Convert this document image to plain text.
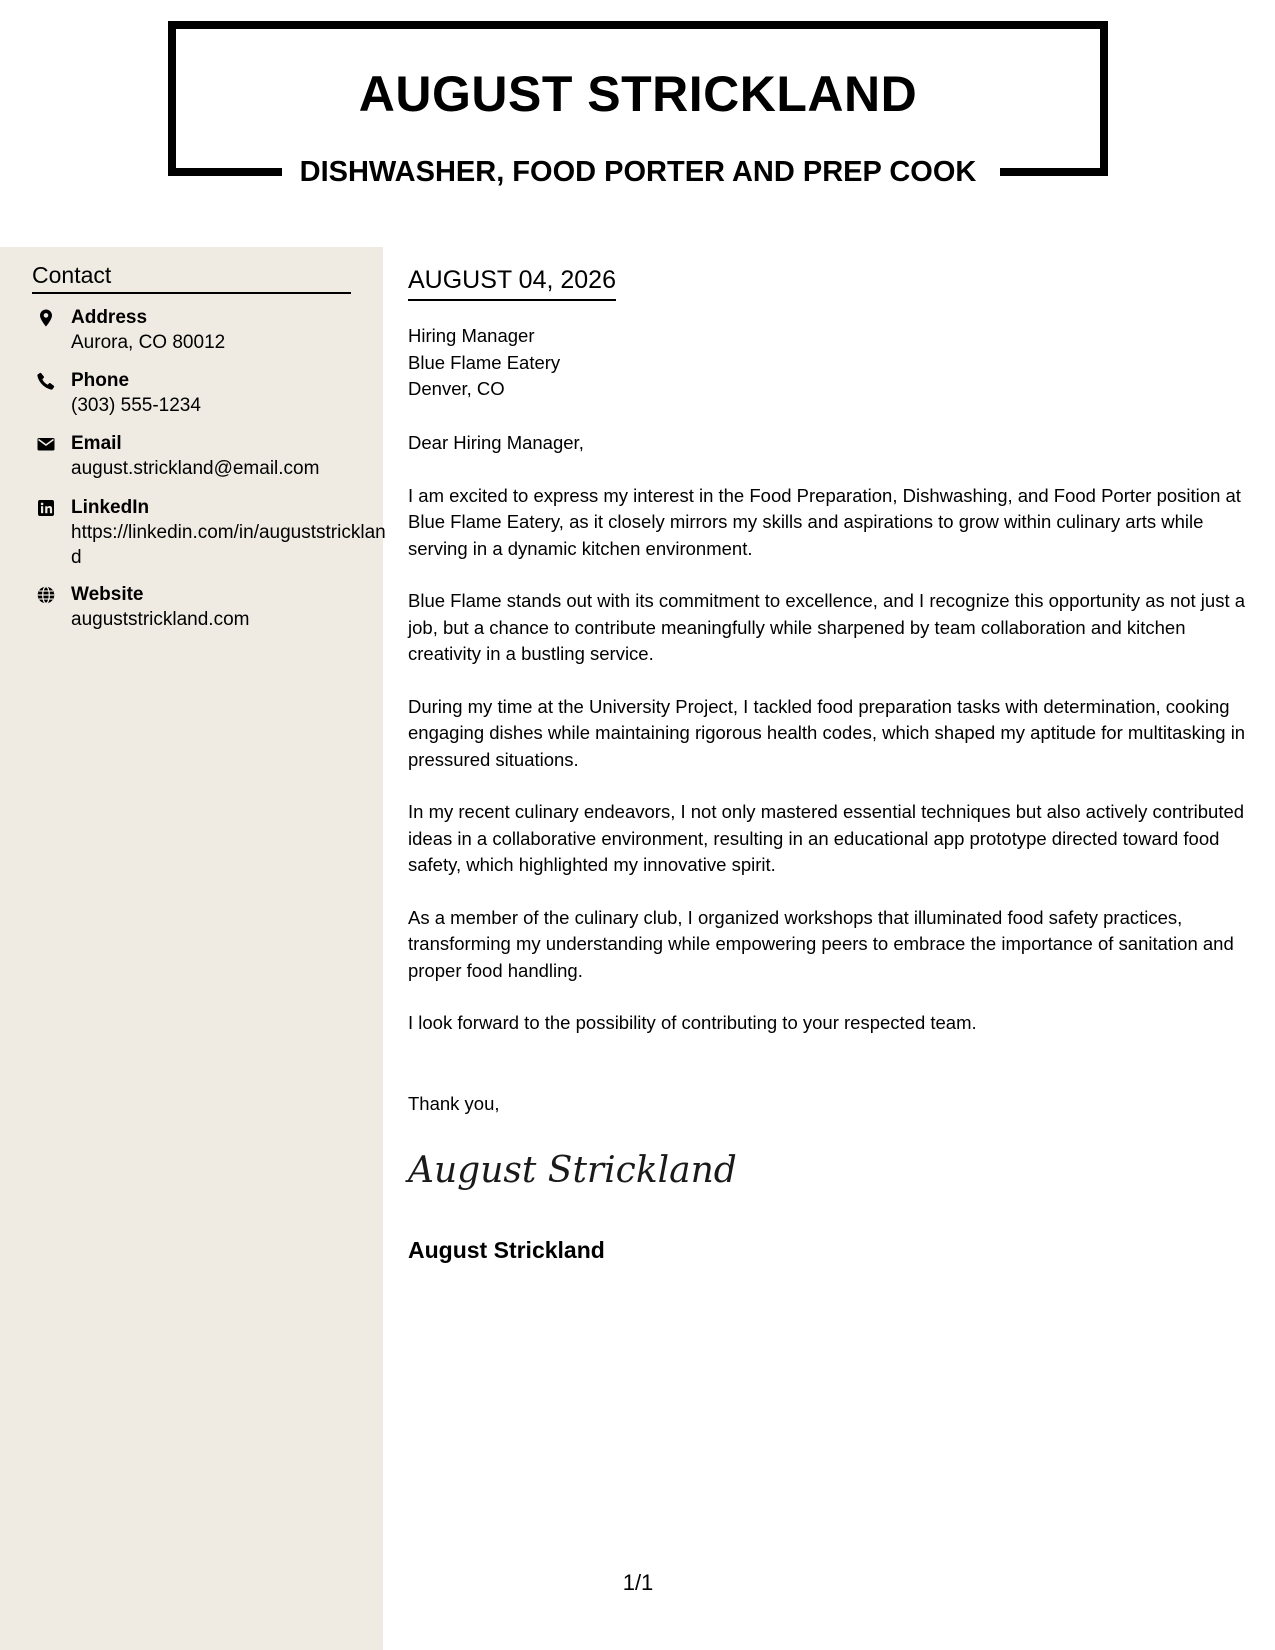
AUGUST STRICKLAND
DISHWASHER, FOOD PORTER AND PREP COOK
Contact
Address
Aurora, CO 80012
Phone
(303) 555-1234
Email
august.strickland@email.com
LinkedIn
https://linkedin.com/in/auguststrickland
Website
auguststrickland.com
AUGUST 04, 2026
Hiring Manager
Blue Flame Eatery
Denver, CO

Dear Hiring Manager,

I am excited to express my interest in the Food Preparation, Dishwashing, and Food Porter position at Blue Flame Eatery, as it closely mirrors my skills and aspirations to grow within culinary arts while serving in a dynamic kitchen environment.

Blue Flame stands out with its commitment to excellence, and I recognize this opportunity as not just a job, but a chance to contribute meaningfully while sharpened by team collaboration and kitchen creativity in a bustling service.

During my time at the University Project, I tackled food preparation tasks with determination, cooking engaging dishes while maintaining rigorous health codes, which shaped my aptitude for multitasking in pressured situations.

In my recent culinary endeavors, I not only mastered essential techniques but also actively contributed ideas in a collaborative environment, resulting in an educational app prototype directed toward food safety, which highlighted my innovative spirit.

As a member of the culinary club, I organized workshops that illuminated food safety practices, transforming my understanding while empowering peers to embrace the importance of sanitation and proper food handling.

I look forward to the possibility of contributing to your respected team.

Thank you,
August Strickland
August Strickland
1/1
